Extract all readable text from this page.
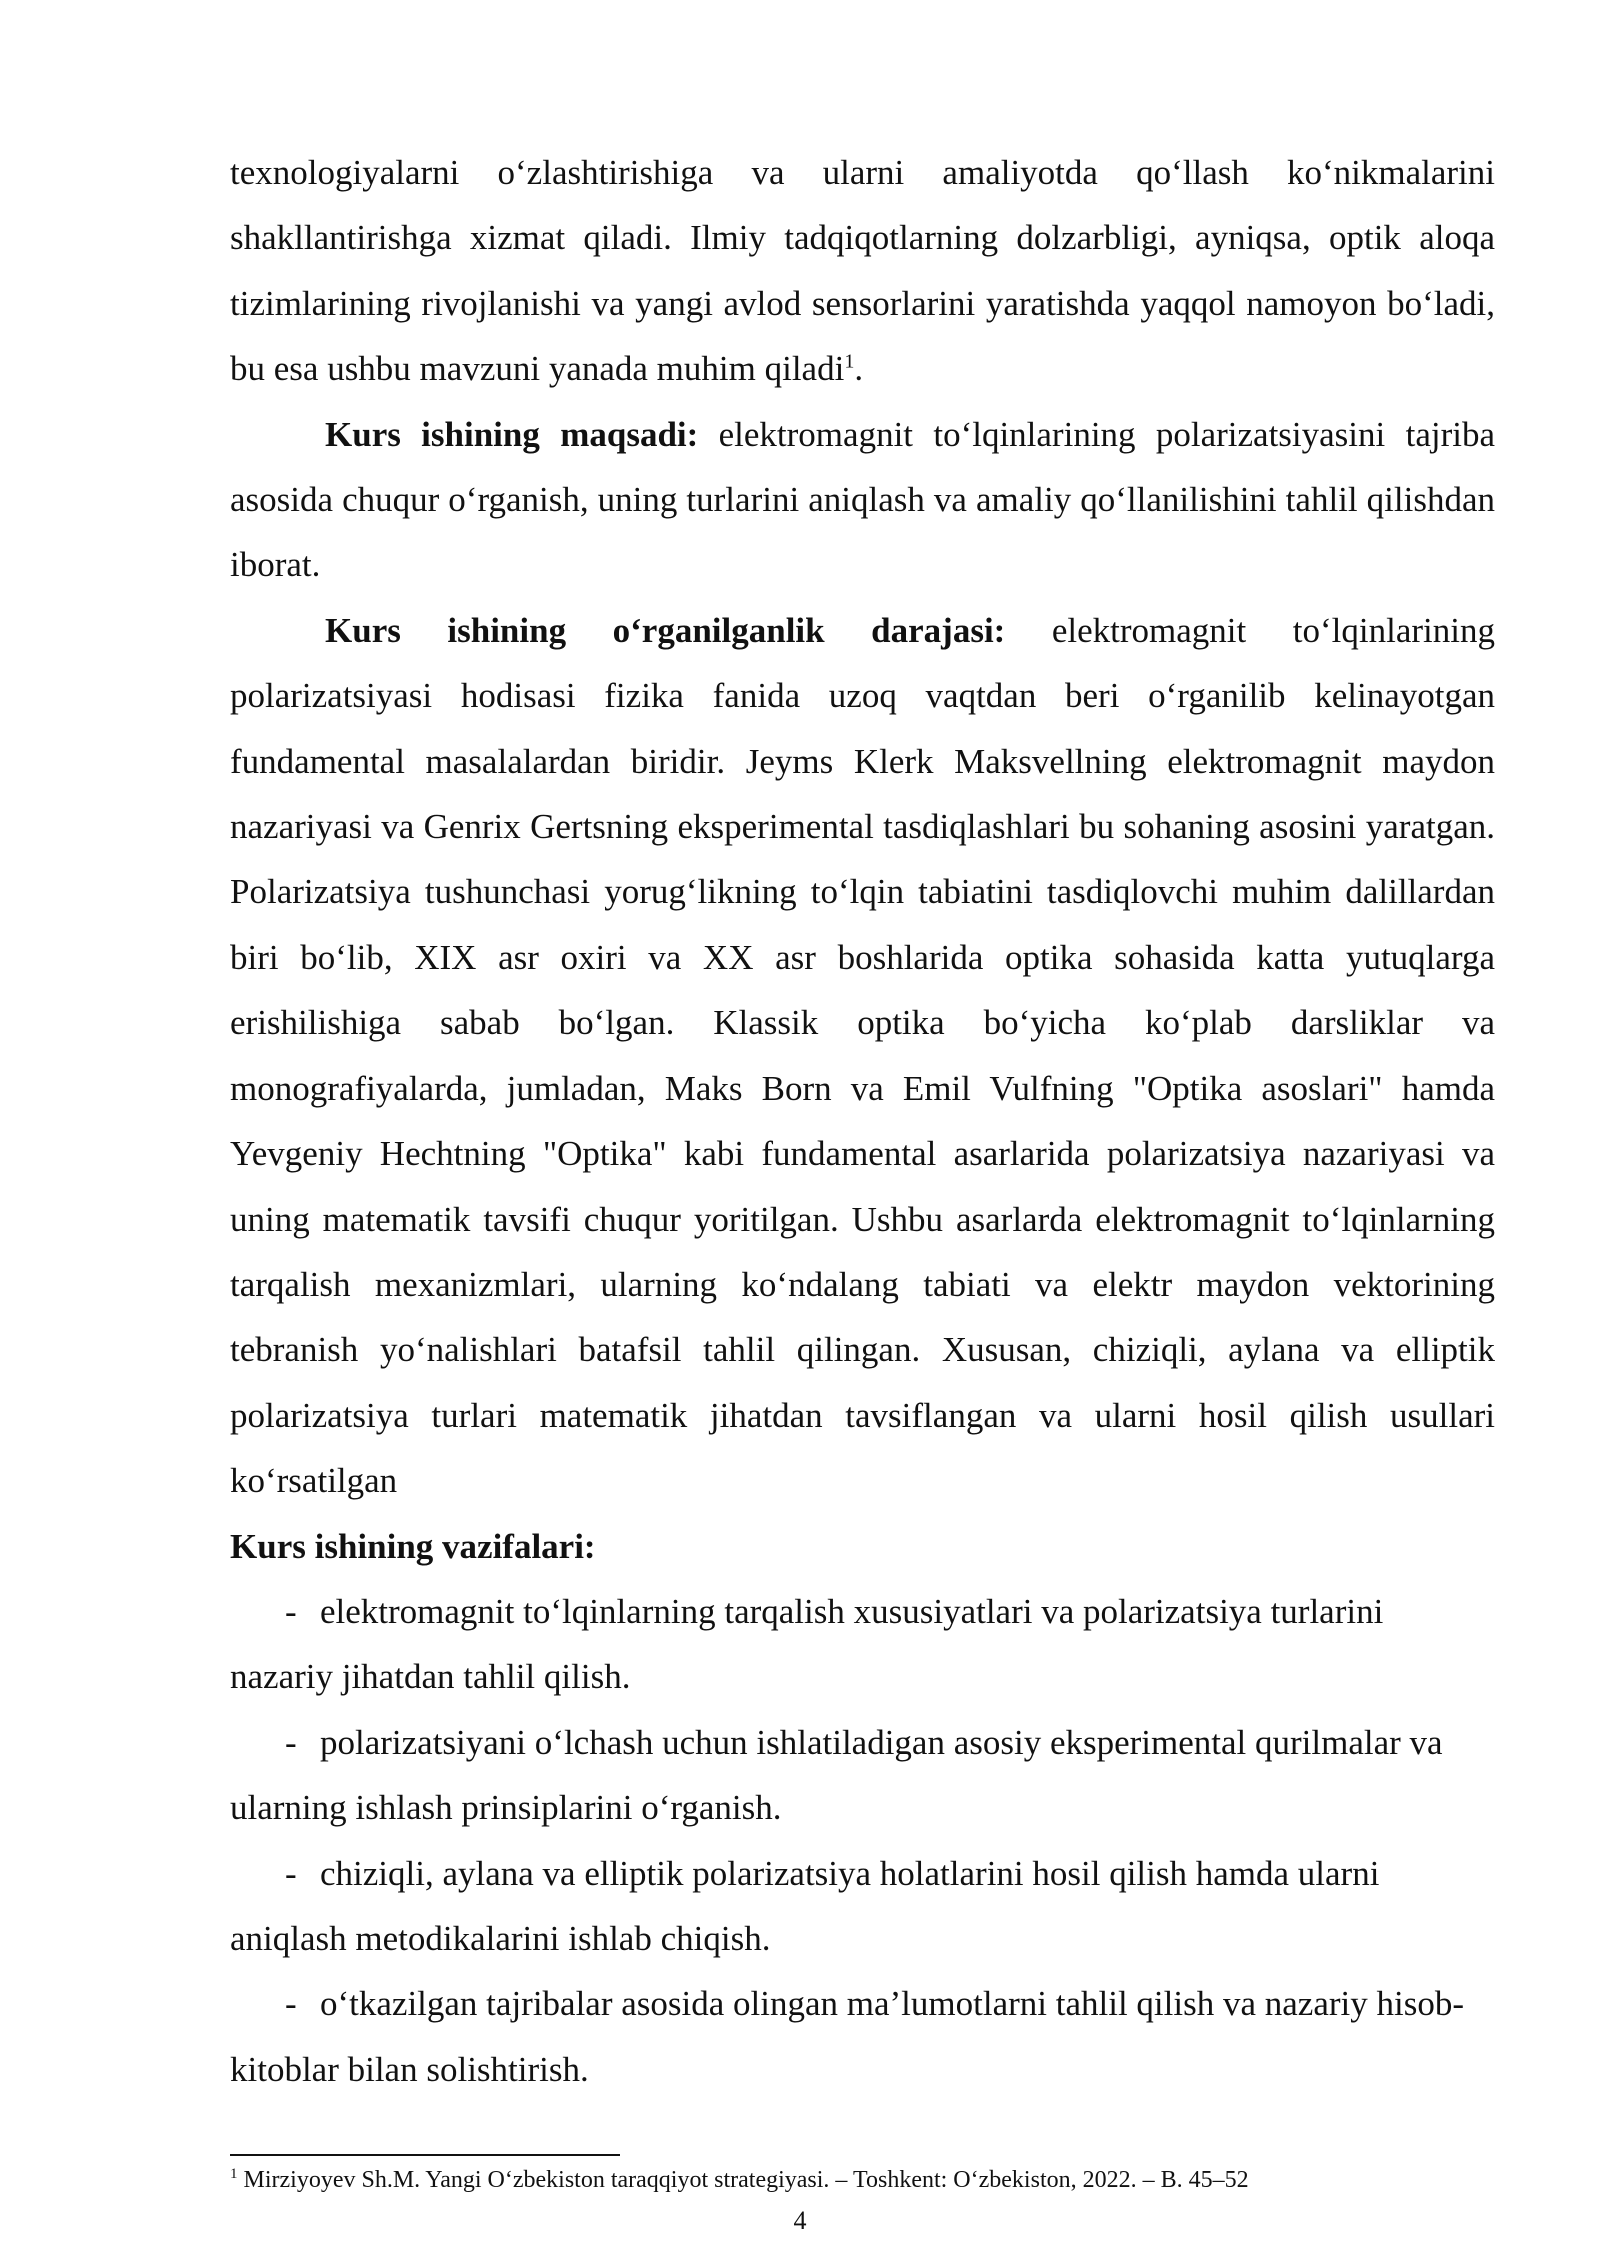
texnologiyalarni o‘zlashtirishiga va ularni amaliyotda qo‘llash ko‘nikmalarini shakllantirishga xizmat qiladi. Ilmiy tadqiqotlarning dolzarbligi, ayniqsa, optik aloqa tizimlarining rivojlanishi va yangi avlod sensorlarini yaratishda yaqqol namoyon bo‘ladi, bu esa ushbu mavzuni yanada muhim qiladi$^1$.

Kurs ishining maqsadi: elektromagnit to‘lqinlarining polarizatsiyasini tajriba asosida chuqur o‘rganish, uning turlarini aniqlash va amaliy qo‘llanilishini tahlil qilishdan iborat.

Kurs ishining o‘rganilganlik darajasi: elektromagnit to‘lqinlarining polarizatsiyasi hodisasi fizika fanida uzoq vaqtdan beri o‘rganilib kelinayotgan fundamental masalalardan biridir. Jeyms Klerk Maksvellning elektromagnit maydon nazariyasi va Genrix Gertsning eksperimental tasdiqlashlari bu sohaning asosini yaratgan. Polarizatsiya tushunchasi yorug‘likning to‘lqin tabiatini tasdiqlovchi muhim dalillardan biri bo‘lib, XIX asr oxiri va XX asr boshlarida optika sohasida katta yutuqlarga erishilishiga sabab bo‘lgan. Klassik optika bo‘yicha ko‘plab darsliklar va monografiyalarda, jumladan, Maks Born va Emil Vulfning "Optika asoslari" hamda Yevgeniy Hechtning "Optika" kabi fundamental asarlarida polarizatsiya nazariyasi va uning matematik tavsifi chuqur yoritilgan. Ushbu asarlarda elektromagnit to‘lqinlarning tarqalish mexanizmlari, ularning ko‘ndalang tabiati va elektr maydon vektorining tebranish yo‘nalishlari batafsil tahlil qilingan. Xususan, chiziqli, aylana va elliptik polarizatsiya turlari matematik jihatdan tavsiflangan va ularni hosil qilish usullari ko‘rsatilgan

Kurs ishining vazifalari:

- elektromagnit to‘lqinlarning tarqalish xususiyatlari va polarizatsiya turlarini nazariy jihatdan tahlil qilish.

- polarizatsiyani o‘lchash uchun ishlatiladigan asosiy eksperimental qurilmalar va ularning ishlash prinsiplarini o‘rganish.

- chiziqli, aylana va elliptik polarizatsiya holatlarini hosil qilish hamda ularni aniqlash metodikalarini ishlab chiqish.

- o‘tkazilgan tajribalar asosida olingan ma’lumotlarni tahlil qilish va nazariy hisob-kitoblar bilan solishtirish.

$^1$ Mirziyoyev Sh.M. Yangi O‘zbekiston taraqqiyot strategiyasi. – Toshkent: O‘zbekiston, 2022. – B. 45–52
4
